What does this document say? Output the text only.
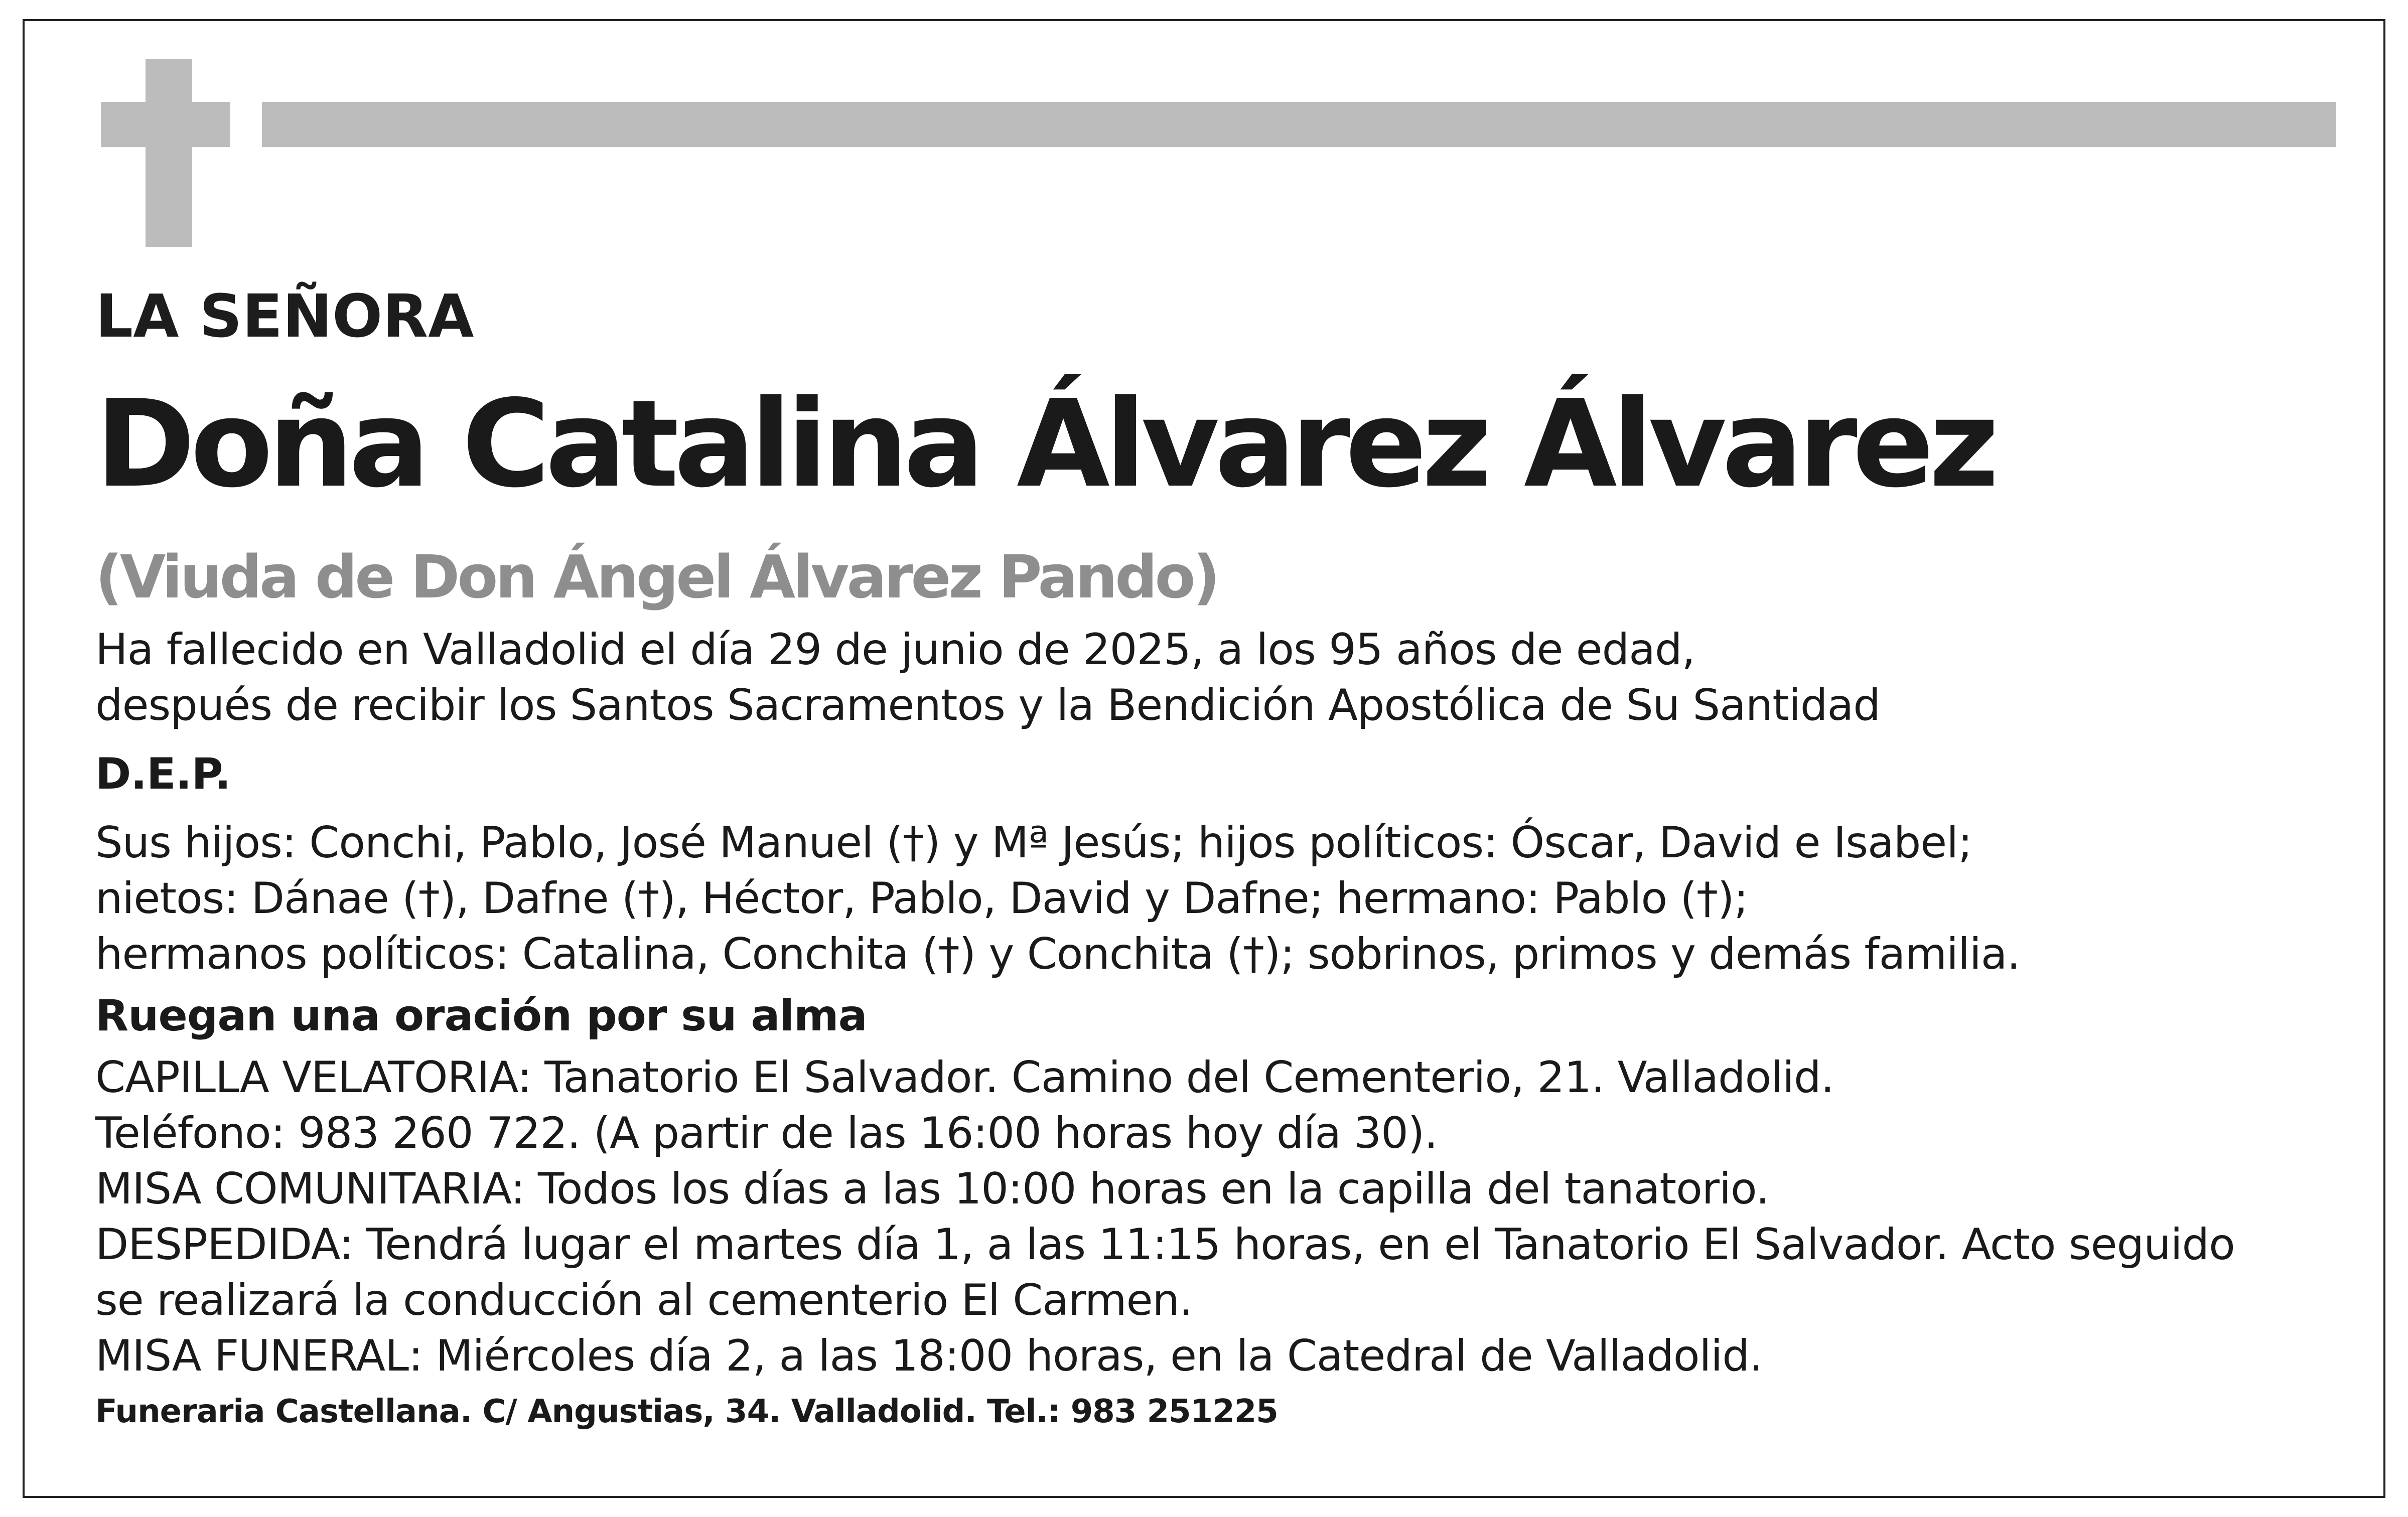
LA SEÑORA

Doña Catalina Álvarez Álvarez

(Viuda de Don Ángel Álvarez Pando)

Ha fallecido en Valladolid el día 29 de junio de 2025, a los 95 años de edad,

después de recibir los Santos Sacramentos y la Bendición Apostólica de Su Santidad

D.E.P.

Sus hijos: Conchi, Pablo, José Manuel (†) y Mª Jesús; hijos políticos: Óscar, David e Isabel;

nietos: Dánae (†), Dafne (†), Héctor, Pablo, David y Dafne; hermano: Pablo (†);

hermanos políticos: Catalina, Conchita (†) y Conchita (†); sobrinos, primos y demás familia.

Ruegan una oración por su alma

CAPILLA VELATORIA: Tanatorio El Salvador. Camino del Cementerio, 21. Valladolid.

Teléfono: 983 260 722. (A partir de las 16:00 horas hoy día 30).

MISA COMUNITARIA: Todos los días a las 10:00 horas en la capilla del tanatorio.

DESPEDIDA: Tendrá lugar el martes día 1, a las 11:15 horas, en el Tanatorio El Salvador. Acto seguido

se realizará la conducción al cementerio El Carmen.

MISA FUNERAL: Miércoles día 2, a las 18:00 horas, en la Catedral de Valladolid.

Funeraria Castellana. C/ Angustias, 34. Valladolid. Tel.: 983 251225
